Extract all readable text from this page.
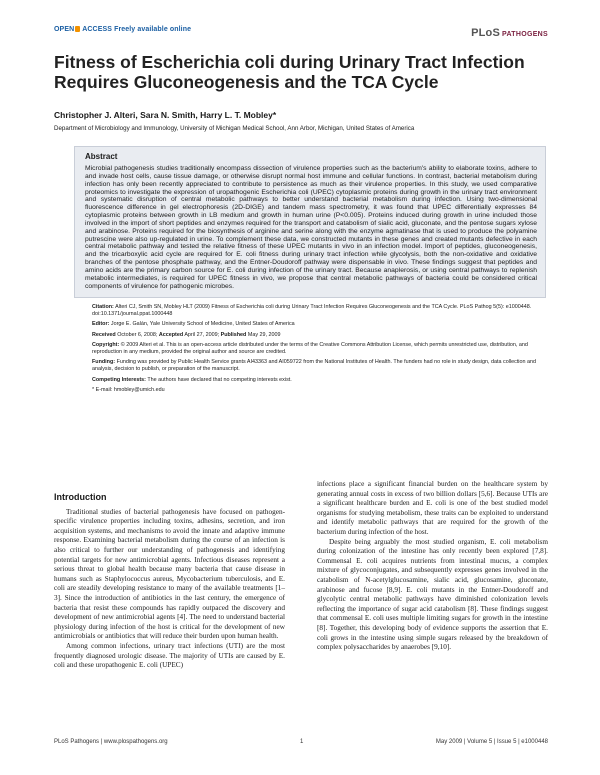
OPEN ACCESS Freely available online	PLoS PATHOGENS
Fitness of Escherichia coli during Urinary Tract Infection Requires Gluconeogenesis and the TCA Cycle
Christopher J. Alteri, Sara N. Smith, Harry L. T. Mobley*
Department of Microbiology and Immunology, University of Michigan Medical School, Ann Arbor, Michigan, United States of America
Abstract

Microbial pathogenesis studies traditionally encompass dissection of virulence properties such as the bacterium's ability to elaborate toxins, adhere to and invade host cells, cause tissue damage, or otherwise disrupt normal host immune and cellular functions. In contrast, bacterial metabolism during infection has only been recently appreciated to contribute to persistence as much as their virulence properties. In this study, we used comparative proteomics to investigate the expression of uropathogenic Escherichia coli (UPEC) cytoplasmic proteins during growth in the urinary tract environment and systematic disruption of central metabolic pathways to better understand bacterial metabolism during infection. Using two-dimensional fluorescence difference in gel electrophoresis (2D-DIGE) and tandem mass spectrometry, it was found that UPEC differentially expresses 84 cytoplasmic proteins between growth in LB medium and growth in human urine (P<0.005). Proteins induced during growth in urine included those involved in the import of short peptides and enzymes required for the transport and catabolism of sialic acid, gluconate, and the pentose sugars xylose and arabinose. Proteins required for the biosynthesis of arginine and serine along with the enzyme agmatinase that is used to produce the polyamine putrescine were also up-regulated in urine. To complement these data, we constructed mutants in these genes and created mutants defective in each central metabolic pathway and tested the relative fitness of these UPEC mutants in vivo in an infection model. Import of peptides, gluconeogenesis, and the tricarboxylic acid cycle are required for E. coli fitness during urinary tract infection while glycolysis, both the non-oxidative and oxidative branches of the pentose phosphate pathway, and the Entner-Doudoroff pathway were dispensable in vivo. These findings suggest that peptides and amino acids are the primary carbon source for E. coli during infection of the urinary tract. Because anaplerosis, or using central pathways to replenish metabolic intermediates, is required for UPEC fitness in vivo, we propose that central metabolic pathways of bacteria could be considered critical components of virulence for pathogenic microbes.

Citation: Alteri CJ, Smith SN, Mobley HLT (2009) Fitness of Escherichia coli during Urinary Tract Infection Requires Gluconeogenesis and the TCA Cycle. PLoS Pathog 5(5): e1000448. doi:10.1371/journal.ppat.1000448

Editor: Jorge E. Galán, Yale University School of Medicine, United States of America

Received October 6, 2008; Accepted April 27, 2009; Published May 29, 2009

Copyright: © 2009 Alteri et al. This is an open-access article distributed under the terms of the Creative Commons Attribution License, which permits unrestricted use, distribution, and reproduction in any medium, provided the original author and source are credited.

Funding: Funding was provided by Public Health Service grants AI43363 and AI059722 from the National Institutes of Health. The funders had no role in study design, data collection and analysis, decision to publish, or preparation of the manuscript.

Competing Interests: The authors have declared that no competing interests exist.

* E-mail: hmobley@umich.edu

Introduction

Traditional studies of bacterial pathogenesis have focused on pathogen-specific virulence properties including toxins, adhesins, secretion, and iron acquisition systems, and mechanisms to avoid the innate and adaptive immune response. Examining bacterial metabolism during the course of an infection is also critical to further our understanding of pathogenesis and identifying potential targets for new antimicrobial agents. Infectious diseases represent a serious threat to global health because many bacteria that cause disease in humans such as Staphylococcus aureus, Mycobacterium tuberculosis, and E. coli are steadily developing resistance to many of the available treatments [1–3]. Since the introduction of antibiotics in the last century, the emergence of bacteria that resist these compounds has rapidly outpaced the discovery and development of new antimicrobial agents [4]. The need to understand bacterial physiology during infection of the host is critical for the development of new antimicrobials or antibiotics that will reduce their burden upon human health.

Among common infections, urinary tract infections (UTI) are the most frequently diagnosed urologic disease. The majority of UTIs are caused by E. coli and these uropathogenic E. coli (UPEC)

infections place a significant financial burden on the healthcare system by generating annual costs in excess of two billion dollars [5,6]. Because UTIs are a significant healthcare burden and E. coli is one of the best studied model organisms for studying metabolism, these traits can be exploited to understand and identify metabolic pathways that are required for the growth of the bacterium during infection of the host.

Despite being arguably the most studied organism, E. coli metabolism during colonization of the intestine has only recently been explored [7,8]. Commensal E. coli acquires nutrients from intestinal mucus, a complex mixture of glycoconjugates, and subsequently expresses genes involved in the catabolism of N-acetylglucosamine, sialic acid, glucosamine, gluconate, arabinose and fucose [8,9]. E. coli mutants in the Entner-Doudoroff and glycolytic central metabolic pathways have diminished colonization levels reflecting the importance of sugar acid catabolism [8]. These findings suggest that commensal E. coli uses multiple limiting sugars for growth in the intestine [8]. Together, this developing body of evidence supports the assertion that E. coli grows in the intestine using simple sugars released by the breakdown of complex polysaccharides by anaerobes [9,10].

PLoS Pathogens | www.plospathogens.org	1	May 2009 | Volume 5 | Issue 5 | e1000448
